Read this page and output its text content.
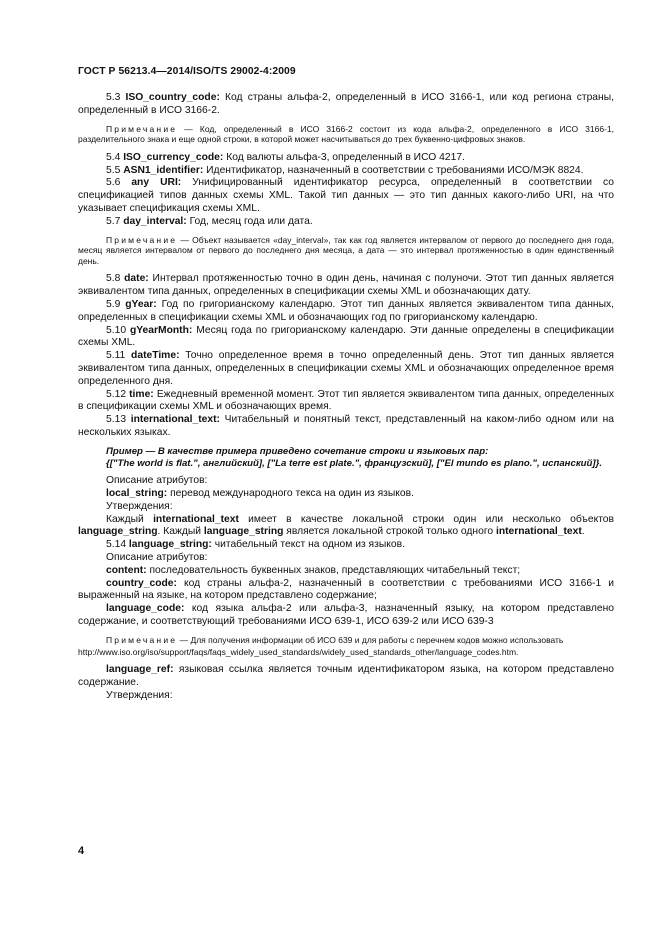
ГОСТ Р 56213.4—2014/ISO/TS 29002-4:2009

5.3 ISO_country_code: Код страны альфа-2, определенный в ИСО 3166-1, или код региона страны, определенный в ИСО 3166-2.

Примечание — Код, определенный в ИСО 3166-2 состоит из кода альфа-2, определенного в ИСО 3166-1, разделительного знака и еще одной строки, в которой может насчитываться до трех буквенно-цифровых знаков.

5.4 ISO_currency_code: Код валюты альфа-3, определенный в ИСО 4217.

5.5 ASN1_identifier: Идентификатор, назначенный в соответствии с требованиями ИСО/МЭК 8824.

5.6 any URI: Унифицированный идентификатор ресурса, определенный в соответствии со спецификацией типов данных схемы XML. Такой тип данных — это тип данных какого-либо URI, на что указывает спецификация схемы XML.

5.7 day_interval: Год, месяц года или дата.

Примечание — Объект называется «day_interval», так как год является интервалом от первого до последнего дня года, месяц является интервалом от первого до последнего дня месяца, а дата — это интервал протяженностью в один единственный день.

5.8 date: Интервал протяженностью точно в один день, начиная с полуночи. Этот тип данных является эквивалентом типа данных, определенных в спецификации схемы XML и обозначающих дату.

5.9 gYear: Год по григорианскому календарю. Этот тип данных является эквивалентом типа данных, определенных в спецификации схемы XML и обозначающих год по григорианскому календарю.

5.10 gYearMonth: Месяц года по григорианскому календарю. Эти данные определены в спецификации схемы XML.

5.11 dateTime: Точно определенное время в точно определенный день. Этот тип данных является эквивалентом типа данных, определенных в спецификации схемы XML и обозначающих определенное время определенного дня.

5.12 time: Ежедневный временной момент. Этот тип является эквивалентом типа данных, определенных в спецификации схемы XML и обозначающих время.

5.13 international_text: Читабельный и понятный текст, представленный на каком-либо одном или на нескольких языках.

Пример — В качестве примера приведено сочетание строки и языковых пар:
{["The world is flat.", английский], ["La terre est plate.", французский], ["El mundo es plano.", испанский]}.

Описание атрибутов:

local_string: перевод международного текса на один из языков.

Утверждения:

Каждый international_text имеет в качестве локальной строки один или несколько объектов language_string. Каждый language_string является локальной строкой только одного international_text.

5.14 language_string: читабельный текст на одном из языков.

Описание атрибутов:

content: последовательность буквенных знаков, представляющих читабельный текст;

country_code: код страны альфа-2, назначенный в соответствии с требованиями ИСО 3166-1 и выраженный на языке, на котором представлено содержание;

language_code: код языка альфа-2 или альфа-3, назначенный языку, на котором представлено содержание, и соответствующий требованиями ИСО 639-1, ИСО 639-2 или ИСО 639-3

Примечание — Для получения информации об ИСО 639 и для работы с перечнем кодов можно использовать
http://www.iso.org/iso/support/faqs/faqs_widely_used_standards/widely_used_standards_other/language_codes.htm.

language_ref: языковая ссылка является точным идентификатором языка, на котором представлено содержание.

Утверждения:

4
